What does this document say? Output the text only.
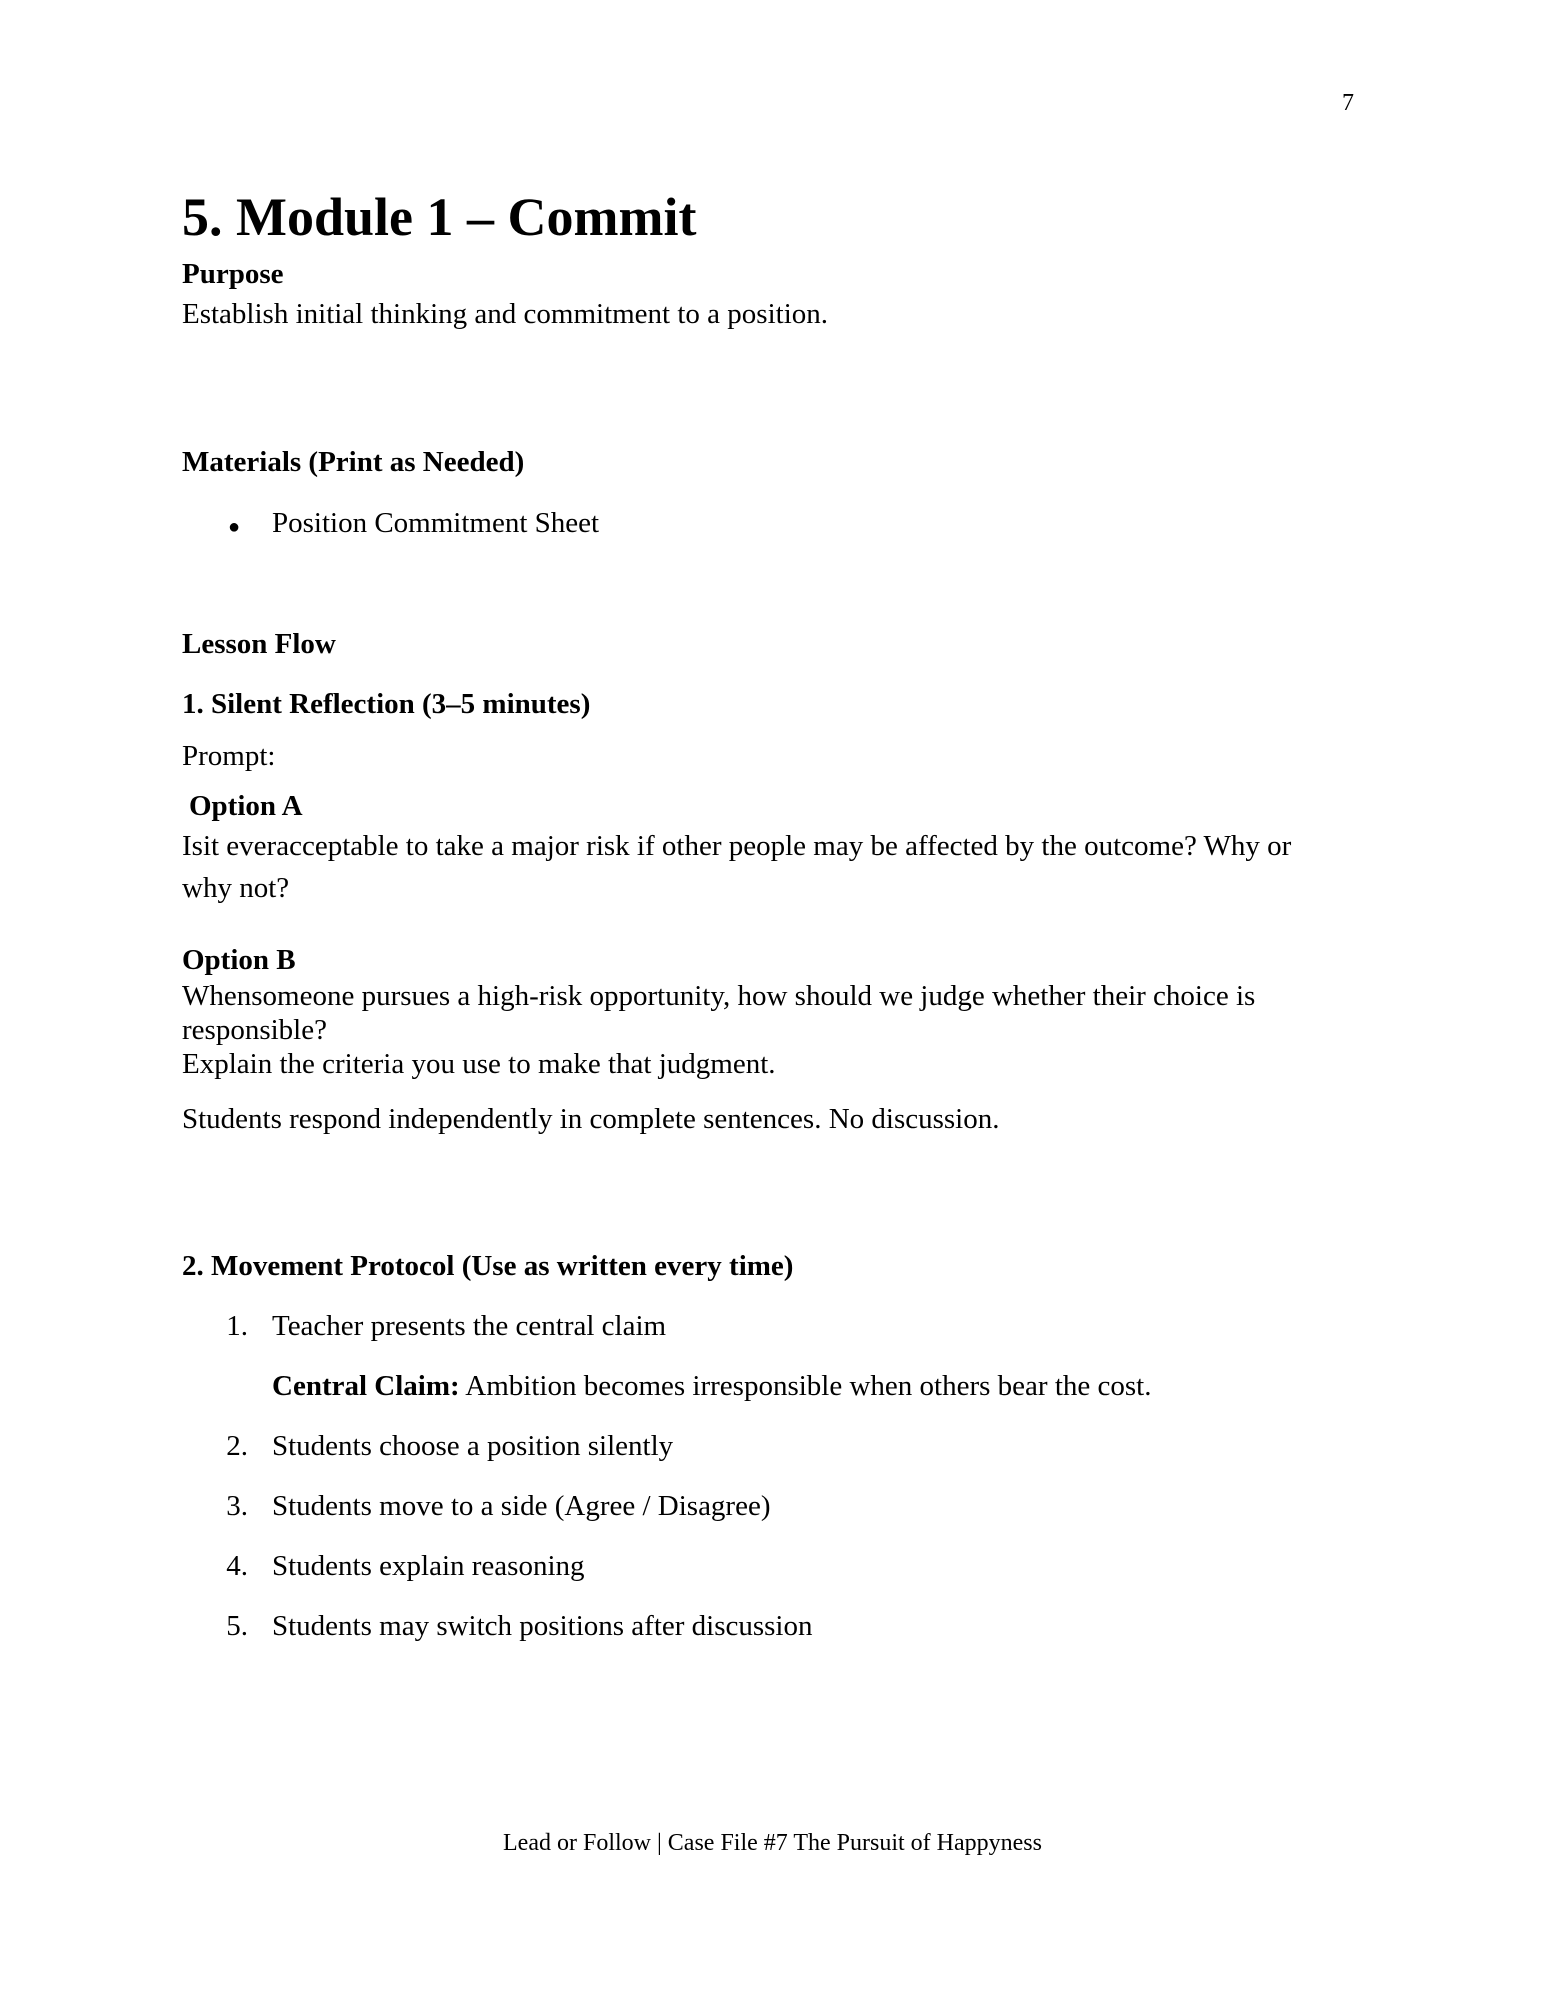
7
5. Module 1 – Commit
Purpose
Establish initial thinking and commitment to a position.
Materials (Print as Needed)
● Position Commitment Sheet
Lesson Flow
1. Silent Reflection (3–5 minutes)
Prompt:
Option A
Isit everacceptable to take a major risk if other people may be affected by the outcome? Why or
why not?
Option B
Whensomeone pursues a high-risk opportunity, how should we judge whether their choice is
responsible?
Explain the criteria you use to make that judgment.
Students respond independently in complete sentences. No discussion.
2. Movement Protocol (Use as written every time)
1. Teacher presents the central claim
Central Claim: Ambition becomes irresponsible when others bear the cost.
2. Students choose a position silently
3. Students move to a side (Agree / Disagree)
4. Students explain reasoning
5. Students may switch positions after discussion
Lead or Follow | Case File #7 The Pursuit of Happyness
